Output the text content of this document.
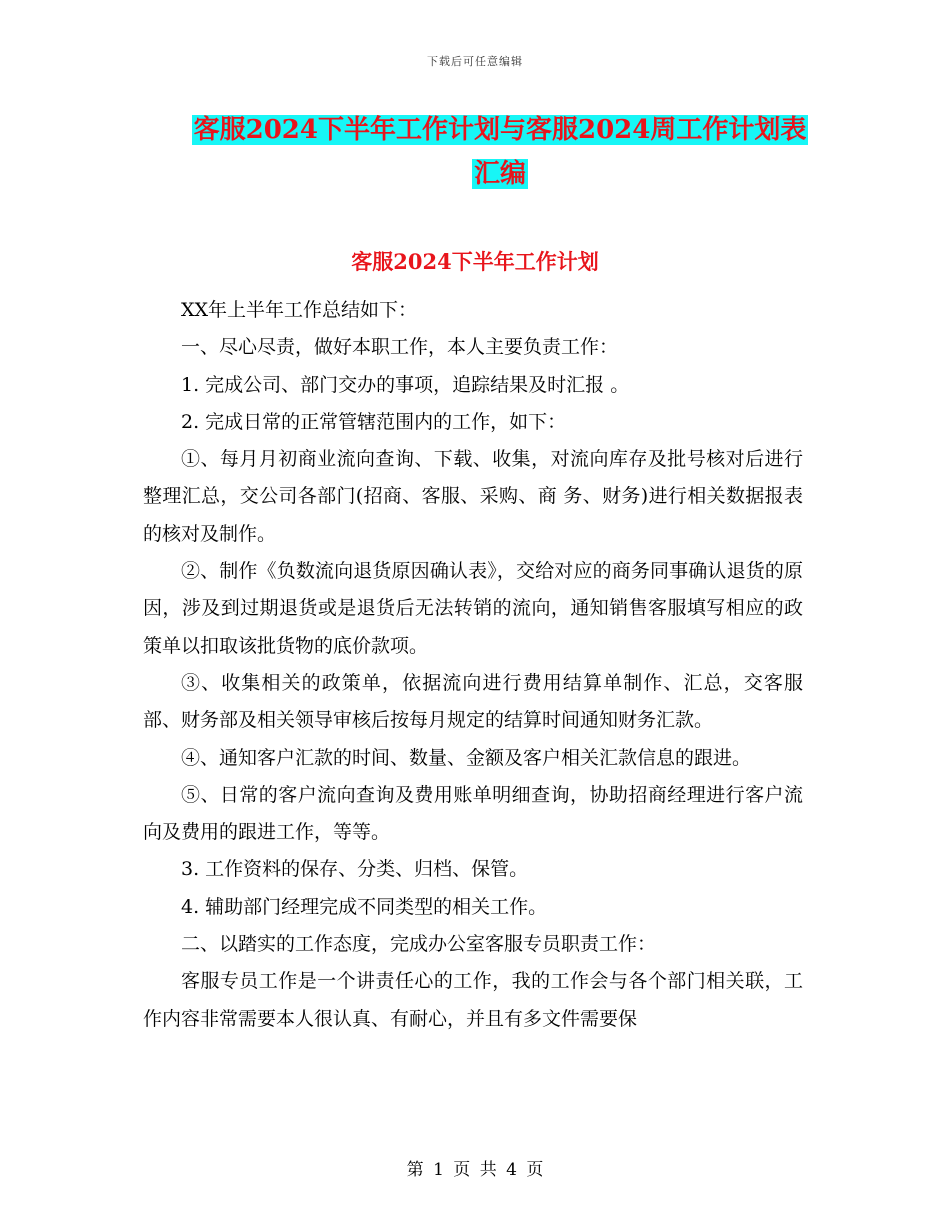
下载后可任意编辑
客服2024下半年工作计划与客服2024周工作计划表
汇编
客服2024下半年工作计划

XX年上半年工作总结如下：

一、尽心尽责，做好本职工作，本人主要负责工作：

1. 完成公司、部门交办的事项，追踪结果及时汇报 。

2. 完成日常的正常管辖范围内的工作，如下：

①、每月月初商业流向查询、下载、收集，对流向库存及批号核对后进行整理汇总，交公司各部门(招商、客服、采购、商 务、财务)进行相关数据报表的核对及制作。

②、制作《负数流向退货原因确认表》，交给对应的商务同事确认退货的原因，涉及到过期退货或是退货后无法转销的流向，通知销售客服填写相应的政策单以扣取该批货物的底价款项。

③、收集相关的政策单，依据流向进行费用结算单制作、汇总，交客服部、财务部及相关领导审核后按每月规定的结算时间通知财务汇款。

④、通知客户汇款的时间、数量、金额及客户相关汇款信息的跟进。

⑤、日常的客户流向查询及费用账单明细查询，协助招商经理进行客户流向及费用的跟进工作，等等。

3. 工作资料的保存、分类、归档、保管。

4. 辅助部门经理完成不同类型的相关工作。

二、以踏实的工作态度，完成办公室客服专员职责工作：

客服专员工作是一个讲责任心的工作，我的工作会与各个部门相关联，工作内容非常需要本人很认真、有耐心，并且有多文件需要保

第 1 页 共 4 页
